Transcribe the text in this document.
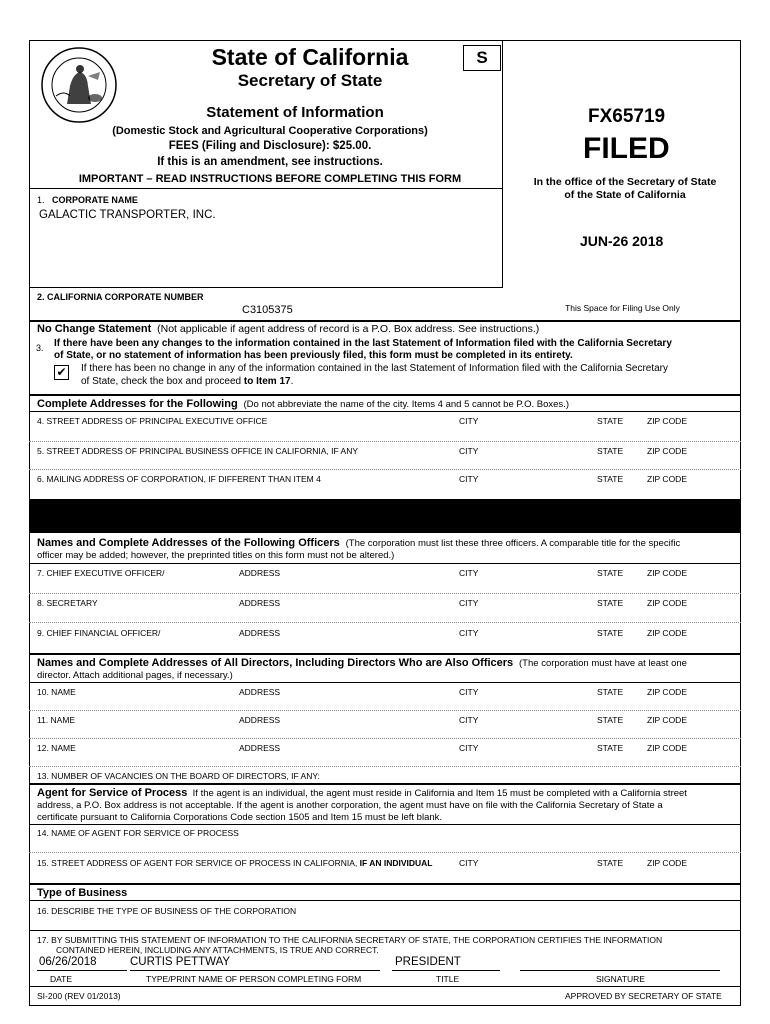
State of California
Secretary of State
S
Statement of Information
(Domestic Stock and Agricultural Cooperative Corporations)
FEES (Filing and Disclosure): $25.00.
If this is an amendment, see instructions.
IMPORTANT – READ INSTRUCTIONS BEFORE COMPLETING THIS FORM
FX65719
FILED
In the office of the Secretary of State
of the State of California
JUN-26 2018
This Space for Filing Use Only
1. CORPORATE NAME
GALACTIC TRANSPORTER, INC.
2. CALIFORNIA CORPORATE NUMBER
C3105375
No Change Statement (Not applicable if agent address of record is a P.O. Box address. See instructions.)
3. If there have been any changes to the information contained in the last Statement of Information filed with the California Secretary
of State, or no statement of information has been previously filed, this form must be completed in its entirety.
✔ If there has been no change in any of the information contained in the last Statement of Information filed with the California Secretary
of State, check the box and proceed to Item 17.
Complete Addresses for the Following (Do not abbreviate the name of the city. Items 4 and 5 cannot be P.O. Boxes.)
4. STREET ADDRESS OF PRINCIPAL EXECUTIVE OFFICE	CITY	STATE	ZIP CODE
5. STREET ADDRESS OF PRINCIPAL BUSINESS OFFICE IN CALIFORNIA, IF ANY	CITY	STATE	ZIP CODE
6. MAILING ADDRESS OF CORPORATION, IF DIFFERENT THAN ITEM 4	CITY	STATE	ZIP CODE
Names and Complete Addresses of the Following Officers (The corporation must list these three officers. A comparable title for the specific
officer may be added; however, the preprinted titles on this form must not be altered.)
7. CHIEF EXECUTIVE OFFICER/	ADDRESS	CITY	STATE	ZIP CODE
8. SECRETARY	ADDRESS	CITY	STATE	ZIP CODE
9. CHIEF FINANCIAL OFFICER/	ADDRESS	CITY	STATE	ZIP CODE
Names and Complete Addresses of All Directors, Including Directors Who are Also Officers (The corporation must have at least one
director. Attach additional pages, if necessary.)
10. NAME	ADDRESS	CITY	STATE	ZIP CODE
11. NAME	ADDRESS	CITY	STATE	ZIP CODE
12. NAME	ADDRESS	CITY	STATE	ZIP CODE
13. NUMBER OF VACANCIES ON THE BOARD OF DIRECTORS, IF ANY:
Agent for Service of Process If the agent is an individual, the agent must reside in California and Item 15 must be completed with a California street
address, a P.O. Box address is not acceptable. If the agent is another corporation, the agent must have on file with the California Secretary of State a
certificate pursuant to California Corporations Code section 1505 and Item 15 must be left blank.
14. NAME OF AGENT FOR SERVICE OF PROCESS
15. STREET ADDRESS OF AGENT FOR SERVICE OF PROCESS IN CALIFORNIA, IF AN INDIVIDUAL	CITY	STATE	ZIP CODE
Type of Business
16. DESCRIBE THE TYPE OF BUSINESS OF THE CORPORATION
17. BY SUBMITTING THIS STATEMENT OF INFORMATION TO THE CALIFORNIA SECRETARY OF STATE, THE CORPORATION CERTIFIES THE INFORMATION
CONTAINED HEREIN, INCLUDING ANY ATTACHMENTS, IS TRUE AND CORRECT.
06/26/2018	CURTIS PETTWAY	PRESIDENT
DATE	TYPE/PRINT NAME OF PERSON COMPLETING FORM	TITLE	SIGNATURE
SI-200 (REV 01/2013)	APPROVED BY SECRETARY OF STATE
